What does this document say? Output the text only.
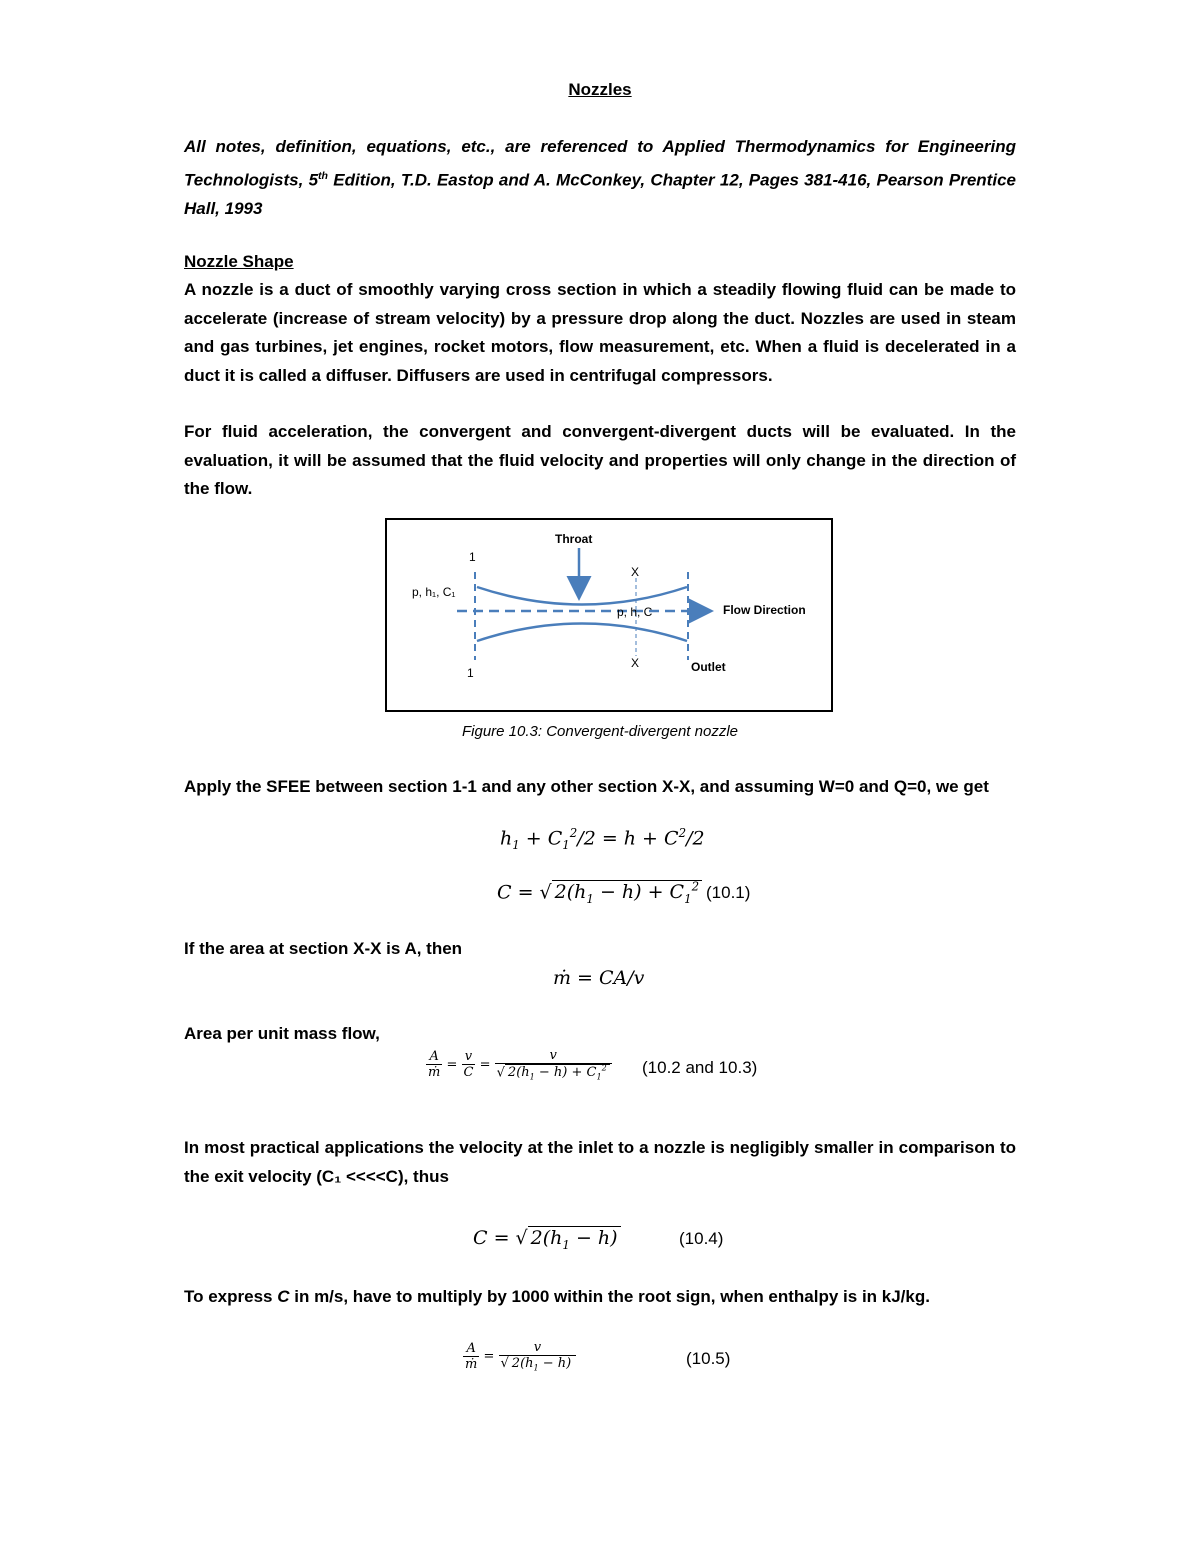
Nozzles
All notes, definition, equations, etc., are referenced to Applied Thermodynamics for Engineering Technologists, 5th Edition, T.D. Eastop and A. McConkey, Chapter 12, Pages 381-416, Pearson Prentice Hall, 1993
Nozzle Shape
A nozzle is a duct of smoothly varying cross section in which a steadily flowing fluid can be made to accelerate (increase of stream velocity) by a pressure drop along the duct. Nozzles are used in steam and gas turbines, jet engines, rocket motors, flow measurement, etc. When a fluid is decelerated in a duct it is called a diffuser. Diffusers are used in centrifugal compressors.
For fluid acceleration, the convergent and convergent-divergent ducts will be evaluated. In the evaluation, it will be assumed that the fluid velocity and properties will only change in the direction of the flow.
Throat
1
1
p, h₁, C₁
X
X
p, h, C	Flow Direction
Outlet
Figure 10.3: Convergent-divergent nozzle
Apply the SFEE between section 1-1 and any other section X-X, and assuming W=0 and Q=0, we get
$h_1 + C_1^2/2 = h + C^2/2$
C = √ $2(h_1 - h) + C_1^2$ (10.1)
If the area at section X-X is A, then
ṁ = CA/v
Area per unit mass flow,
$\frac{A}{\text{ṁ}} = \frac{v}{C} = \frac{v}{√ 2(h_1 - h) + C_1^2} (10.2$ and 10.3)
In most practical applications the velocity at the inlet to a nozzle is negligibly smaller in comparison to the exit velocity (C₁ <<<<C), thus
C = √ $2(h_1 - h)$	(10.4)
To express C in m/s, have to multiply by 1000 within the root sign, when enthalpy is in kJ/kg.
$\frac{A}{\text{ṁ}} = \frac{v}{√ 2(h_1 - h)}$	(10.5)
